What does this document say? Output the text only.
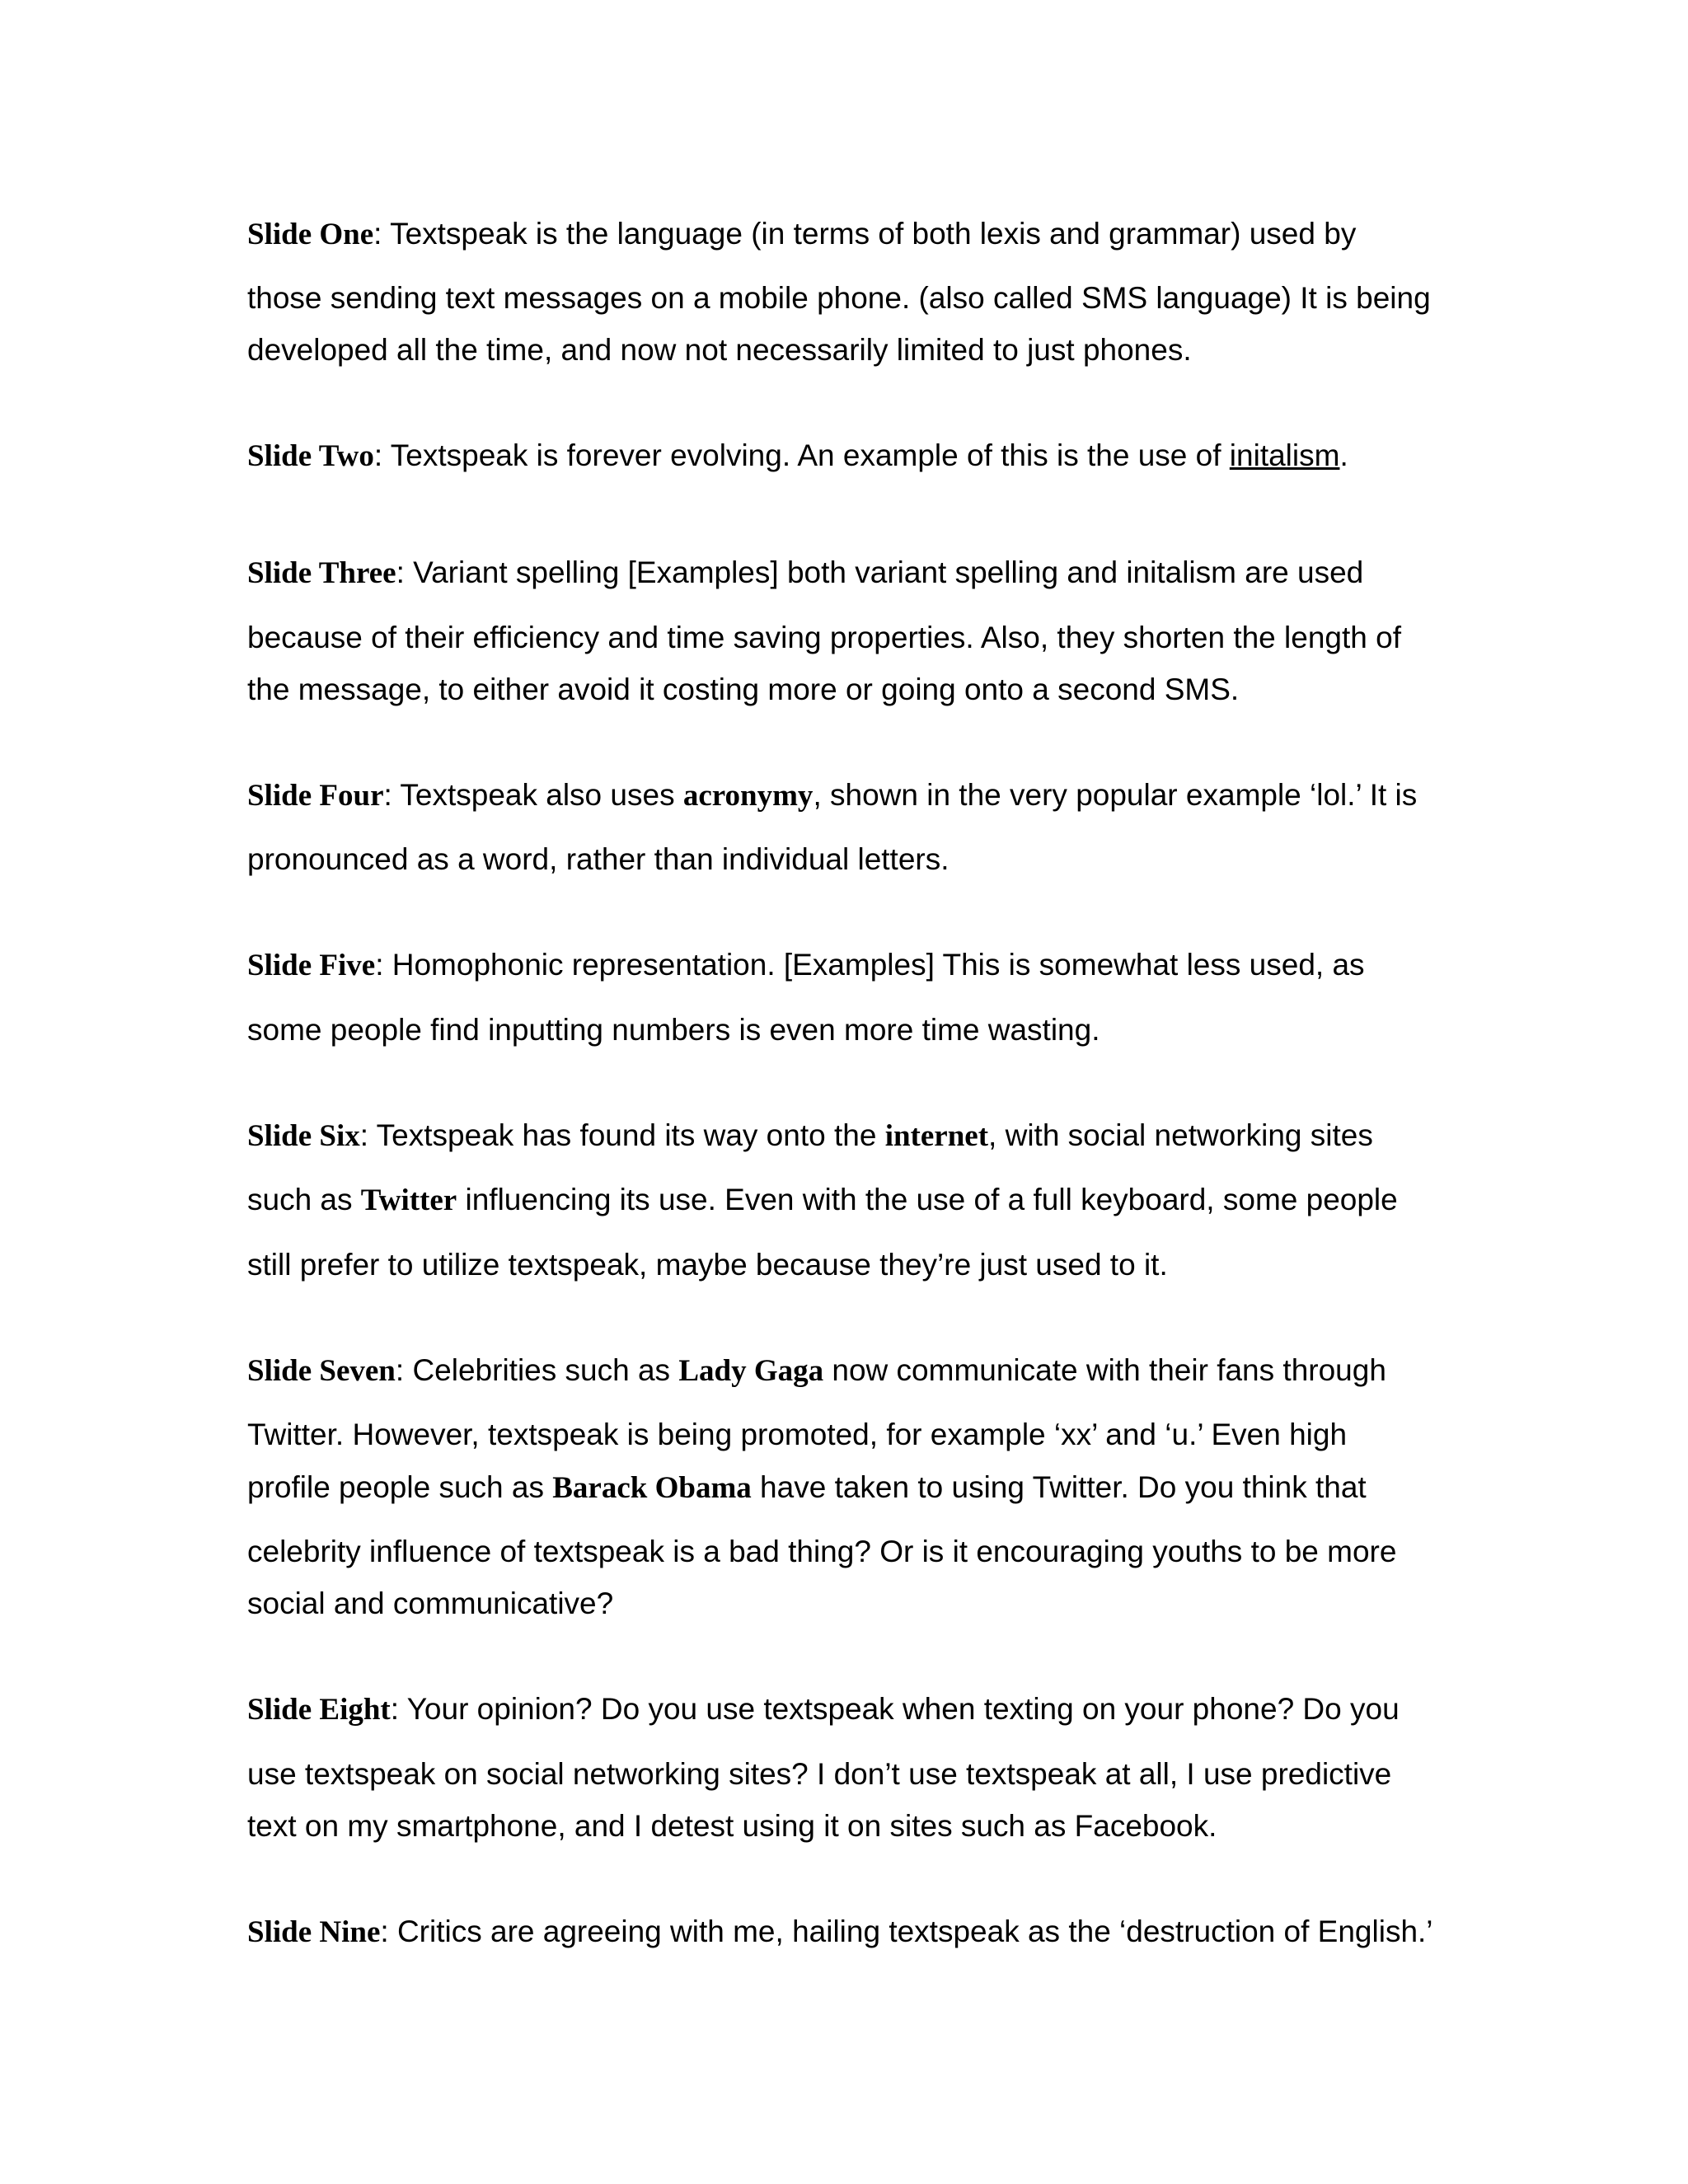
Slide One: Textspeak is the language (in terms of both lexis and grammar) used by
those sending text messages on a mobile phone. (also called SMS language) It is being
developed all the time, and now not necessarily limited to just phones.
Slide Two: Textspeak is forever evolving. An example of this is the use of initalism.
Slide Three: Variant spelling [Examples] both variant spelling and initalism are used
because of their efficiency and time saving properties. Also, they shorten the length of
the message, to either avoid it costing more or going onto a second SMS.
Slide Four: Textspeak also uses acronymy, shown in the very popular example ‘lol.’ It is
pronounced as a word, rather than individual letters.
Slide Five: Homophonic representation. [Examples] This is somewhat less used, as
some people find inputting numbers is even more time wasting.
Slide Six: Textspeak has found its way onto the internet, with social networking sites
such as Twitter influencing its use. Even with the use of a full keyboard, some people
still prefer to utilize textspeak, maybe because they’re just used to it.
Slide Seven: Celebrities such as Lady Gaga now communicate with their fans through
Twitter. However, textspeak is being promoted, for example ‘xx’ and ‘u.’ Even high
profile people such as Barack Obama have taken to using Twitter. Do you think that
celebrity influence of textspeak is a bad thing? Or is it encouraging youths to be more
social and communicative?
Slide Eight: Your opinion? Do you use textspeak when texting on your phone? Do you
use textspeak on social networking sites? I don’t use textspeak at all, I use predictive
text on my smartphone, and I detest using it on sites such as Facebook.
Slide Nine: Critics are agreeing with me, hailing textspeak as the ‘destruction of English.’
